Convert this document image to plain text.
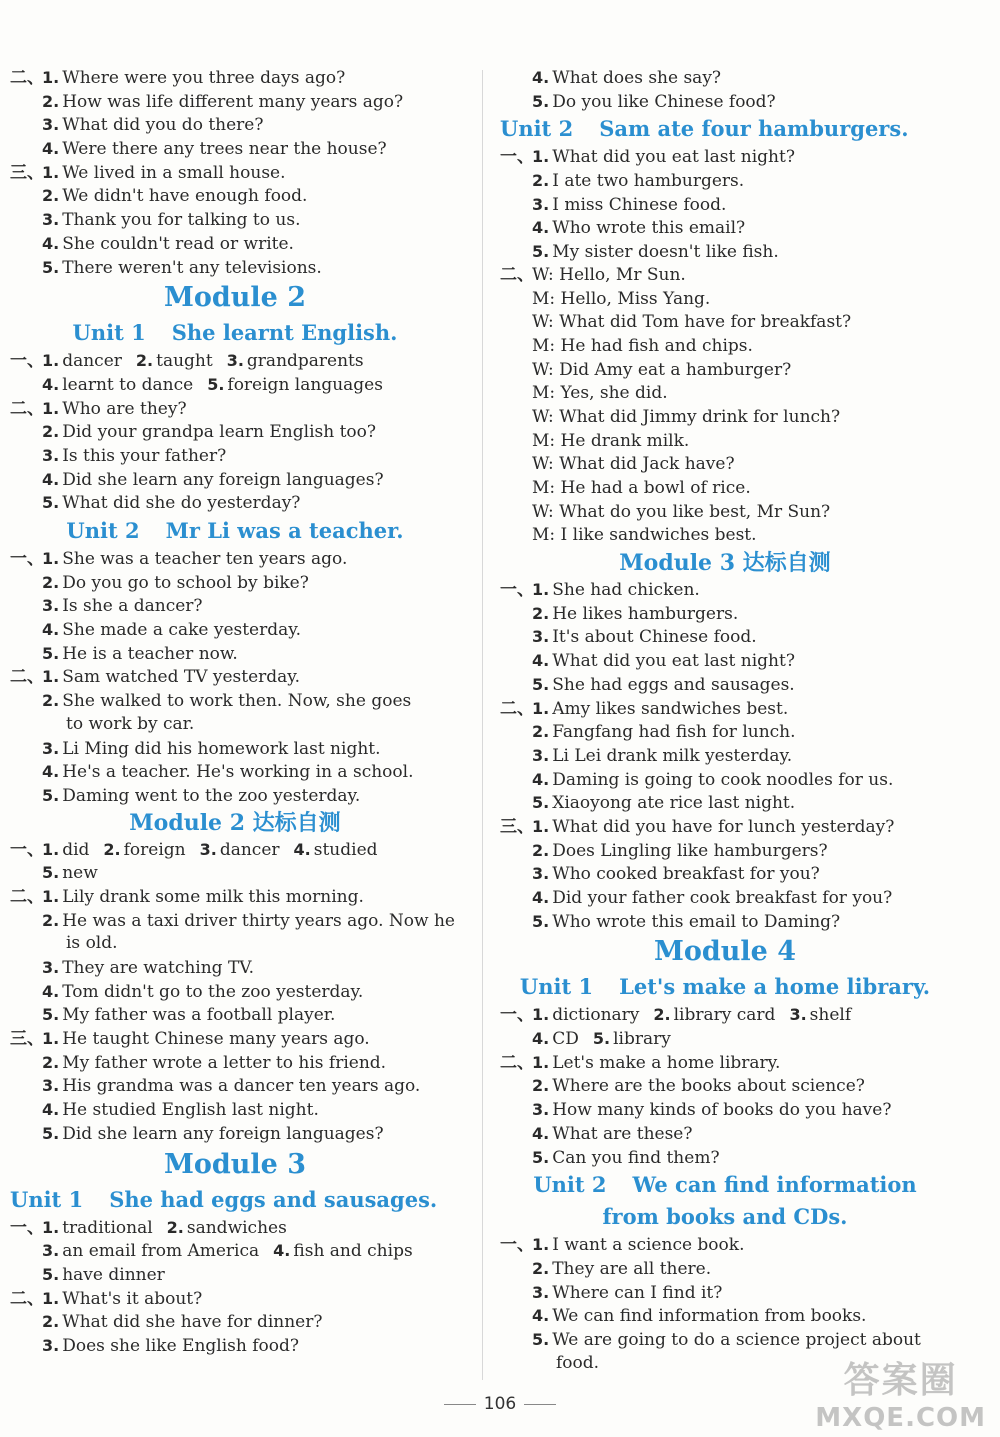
二、1. Where were you three days ago?
2. How was life different many years ago?
3. What did you do there?
4. Were there any trees near the house?
三、1. We lived in a small house.
2. We didn't have enough food.
3. Thank you for talking to us.
4. She couldn't read or write.
5. There weren't any televisions.
Module 2
Unit 1 She learnt English.
一、1. dancer 2. taught 3. grandparents
4. learnt to dance 5. foreign languages
二、1. Who are they?
2. Did your grandpa learn English too?
3. Is this your father?
4. Did she learn any foreign languages?
5. What did she do yesterday?
Unit 2 Mr Li was a teacher.
一、1. She was a teacher ten years ago.
2. Do you go to school by bike?
3. Is she a dancer?
4. She made a cake yesterday.
5. He is a teacher now.
二、1. Sam watched TV yesterday.
2. She walked to work then. Now, she goes
to work by car.
3. Li Ming did his homework last night.
4. He's a teacher. He's working in a school.
5. Daming went to the zoo yesterday.
Module 2 达标自测
一、1. did 2. foreign 3. dancer 4. studied
5. new
二、1. Lily drank some milk this morning.
2. He was a taxi driver thirty years ago. Now he
is old.
3. They are watching TV.
4. Tom didn't go to the zoo yesterday.
5. My father was a football player.
三、1. He taught Chinese many years ago.
2. My father wrote a letter to his friend.
3. His grandma was a dancer ten years ago.
4. He studied English last night.
5. Did she learn any foreign languages?
Module 3
Unit 1 She had eggs and sausages.
一、1. traditional 2. sandwiches
3. an email from America 4. fish and chips
5. have dinner
二、1. What's it about?
2. What did she have for dinner?
3. Does she like English food?
4. What does she say?
5. Do you like Chinese food?
Unit 2 Sam ate four hamburgers.
一、1. What did you eat last night?
2. I ate two hamburgers.
3. I miss Chinese food.
4. Who wrote this email?
5. My sister doesn't like fish.
二、W: Hello, Mr Sun.
M: Hello, Miss Yang.
W: What did Tom have for breakfast?
M: He had fish and chips.
W: Did Amy eat a hamburger?
M: Yes, she did.
W: What did Jimmy drink for lunch?
M: He drank milk.
W: What did Jack have?
M: He had a bowl of rice.
W: What do you like best, Mr Sun?
M: I like sandwiches best.
Module 3 达标自测
一、1. She had chicken.
2. He likes hamburgers.
3. It's about Chinese food.
4. What did you eat last night?
5. She had eggs and sausages.
二、1. Amy likes sandwiches best.
2. Fangfang had fish for lunch.
3. Li Lei drank milk yesterday.
4. Daming is going to cook noodles for us.
5. Xiaoyong ate rice last night.
三、1. What did you have for lunch yesterday?
2. Does Lingling like hamburgers?
3. Who cooked breakfast for you?
4. Did your father cook breakfast for you?
5. Who wrote this email to Daming?
Module 4
Unit 1 Let's make a home library.
一、1. dictionary 2. library card 3. shelf
4. CD 5. library
二、1. Let's make a home library.
2. Where are the books about science?
3. How many kinds of books do you have?
4. What are these?
5. Can you find them?
Unit 2 We can find information
from books and CDs.
一、1. I want a science book.
2. They are all there.
3. Where can I find it?
4. We can find information from books.
5. We are going to do a science project about
food.
106
答案圈
MXQE.COM
